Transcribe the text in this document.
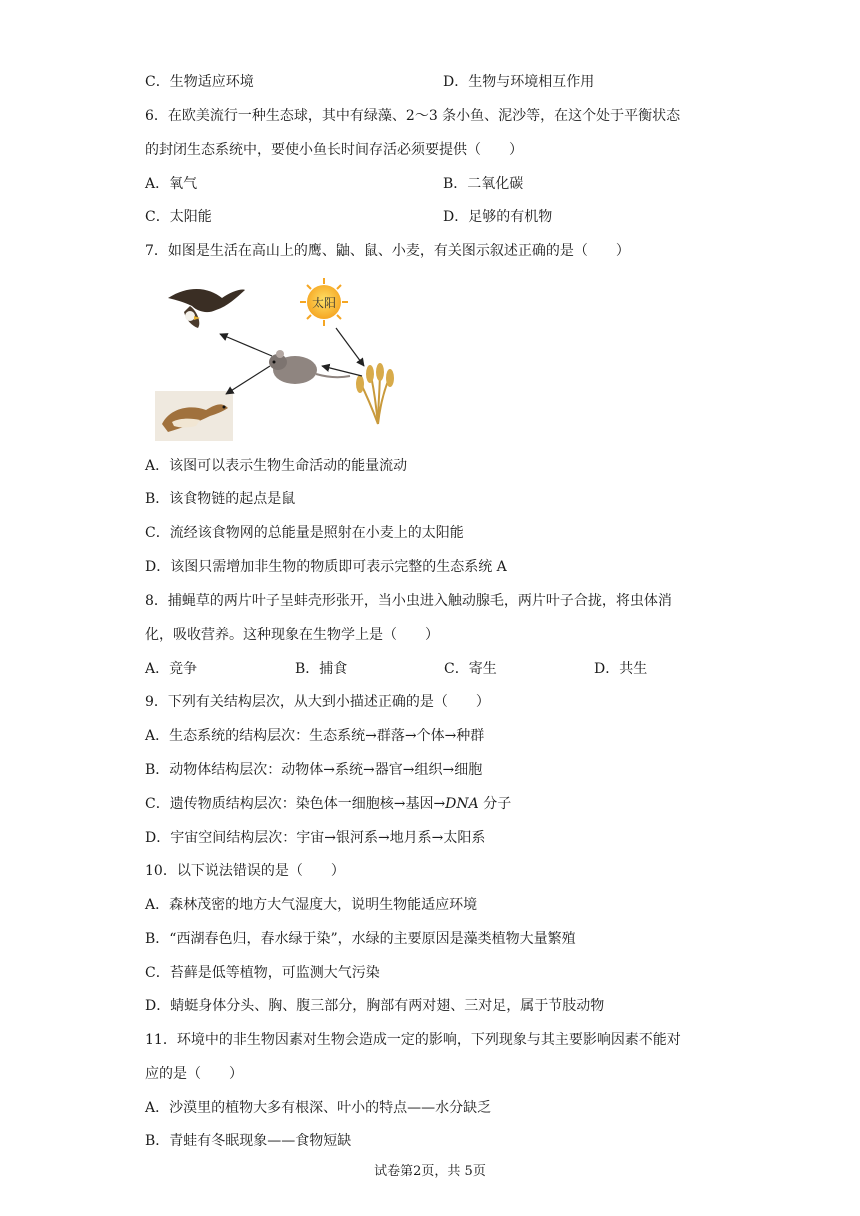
C．生物适应环境	D．生物与环境相互作用
6．在欧美流行一种生态球，其中有绿藻、2～3 条小鱼、泥沙等，在这个处于平衡状态
的封闭生态系统中，要使小鱼长时间存活必须要提供（　　）
A．氧气	B．二氧化碳
C．太阳能	D．足够的有机物
7．如图是生活在高山上的鹰、鼬、鼠、小麦，有关图示叙述正确的是（　　）
太阳
A．该图可以表示生物生命活动的能量流动
B．该食物链的起点是鼠
C．流经该食物网的总能量是照射在小麦上的太阳能
D．该图只需增加非生物的物质即可表示完整的生态系统 A
8．捕蝇草的两片叶子呈蚌壳形张开，当小虫进入触动腺毛，两片叶子合拢，将虫体消
化，吸收营养。这种现象在生物学上是（　　）
A．竞争	B．捕食	C．寄生	D．共生
9．下列有关结构层次，从大到小描述正确的是（　　）
A．生态系统的结构层次：生态系统→群落→个体→种群
B．动物体结构层次：动物体→系统→器官→组织→细胞
C．遗传物质结构层次：染色体一细胞核→基因→DNA 分子
D．宇宙空间结构层次：宇宙→银河系→地月系→太阳系
10．以下说法错误的是（　　）
A．森林茂密的地方大气湿度大，说明生物能适应环境
B．“西湖春色归，春水绿于染”，水绿的主要原因是藻类植物大量繁殖
C．苔藓是低等植物，可监测大气污染
D．蜻蜓身体分头、胸、腹三部分，胸部有两对翅、三对足，属于节肢动物
11．环境中的非生物因素对生物会造成一定的影响，下列现象与其主要影响因素不能对
应的是（　　）
A．沙漠里的植物大多有根深、叶小的特点——水分缺乏
B．青蛙有冬眠现象——食物短缺
试卷第2页，共 5页
